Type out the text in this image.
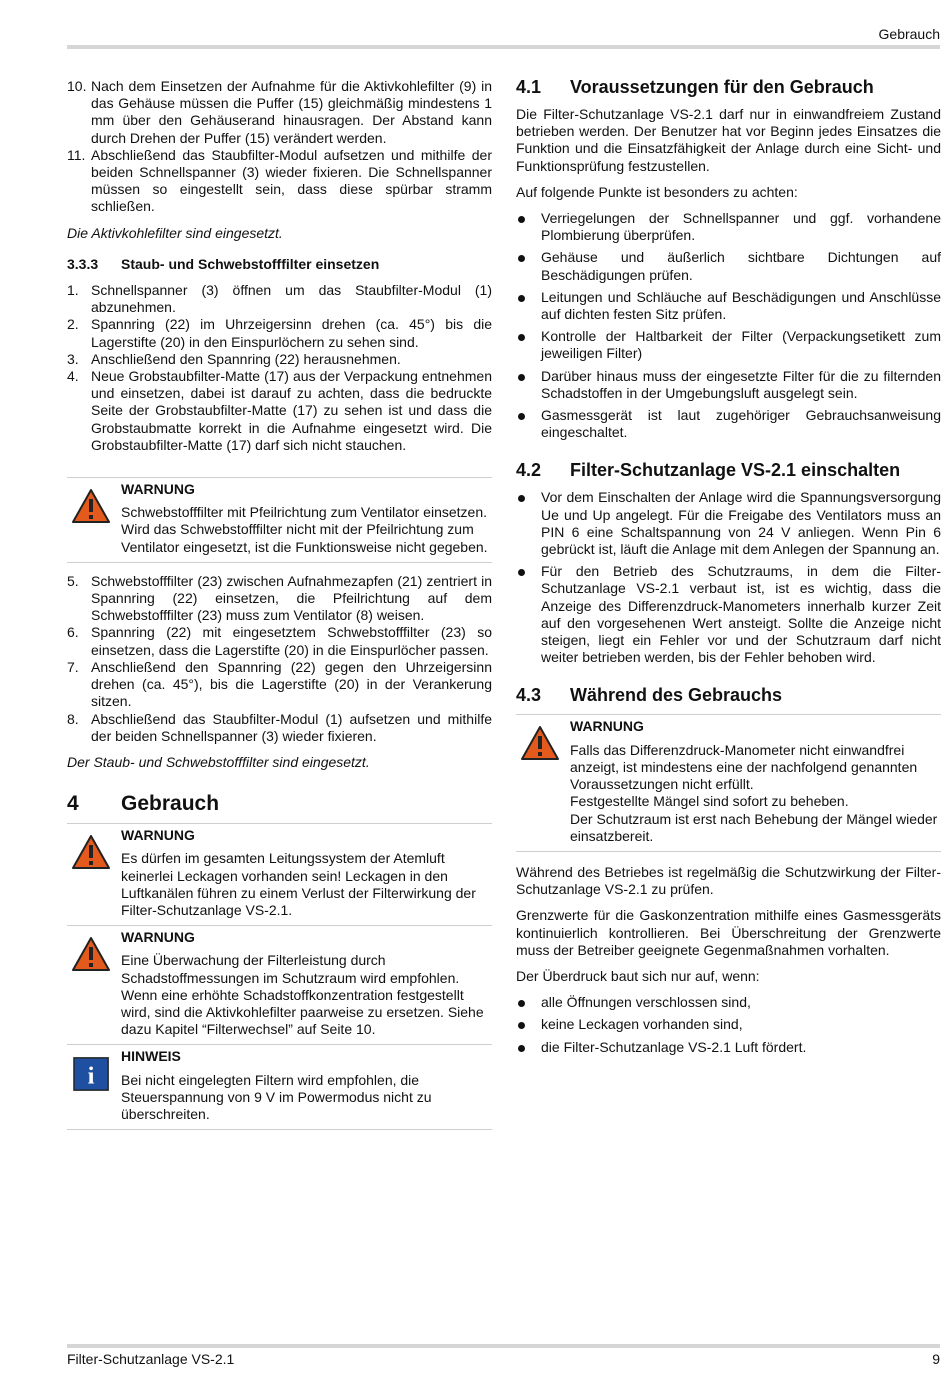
Gebrauch
10. Nach dem Einsetzen der Aufnahme für die Aktivkohlefilter (9) in das Gehäuse müssen die Puffer (15) gleichmäßig mindestens 1 mm über den Gehäuserand hinausragen. Der Abstand kann durch Drehen der Puffer (15) verändert werden.
11. Abschließend das Staubfilter-Modul aufsetzen und mithilfe der beiden Schnellspanner (3) wieder fixieren. Die Schnellspanner müssen so eingestellt sein, dass diese spürbar stramm schließen.

Die Aktivkohlefilter sind eingesetzt.

3.3.3 Staub- und Schwebstofffilter einsetzen
1. Schnellspanner (3) öffnen um das Staubfilter-Modul (1) abzunehmen.
2. Spannring (22) im Uhrzeigersinn drehen (ca. 45°) bis die Lagerstifte (20) in den Einspurlöchern zu sehen sind.
3. Anschließend den Spannring (22) herausnehmen.
4. Neue Grobstaubfilter-Matte (17) aus der Verpackung entnehmen und einsetzen, dabei ist darauf zu achten, dass die bedruckte Seite der Grobstaubfilter-Matte (17) zu sehen ist und dass die Grobstaubmatte korrekt in die Aufnahme eingesetzt wird. Die Grobstaubfilter-Matte (17) darf sich nicht stauchen.
WARNUNG
Schwebstofffilter mit Pfeilrichtung zum Ventilator einsetzen.
Wird das Schwebstofffilter nicht mit der Pfeilrichtung zum Ventilator eingesetzt, ist die Funktionsweise nicht gegeben.
5. Schwebstofffilter (23) zwischen Aufnahmezapfen (21) zentriert in Spannring (22) einsetzen, die Pfeilrichtung auf dem Schwebstofffilter (23) muss zum Ventilator (8) weisen.
6. Spannring (22) mit eingesetztem Schwebstofffilter (23) so einsetzen, dass die Lagerstifte (20) in die Einspurlöcher passen.
7. Anschließend den Spannring (22) gegen den Uhrzeigersinn drehen (ca. 45°), bis die Lagerstifte (20) in der Verankerung sitzen.
8. Abschließend das Staubfilter-Modul (1) aufsetzen und mithilfe der beiden Schnellspanner (3) wieder fixieren.

Der Staub- und Schwebstofffilter sind eingesetzt.

4 Gebrauch
WARNUNG
Es dürfen im gesamten Leitungssystem der Atemluft keinerlei Leckagen vorhanden sein! Leckagen in den Luftkanälen führen zu einem Verlust der Filterwirkung der Filter-Schutzanlage VS-2.1.
WARNUNG
Eine Überwachung der Filterleistung durch Schadstoffmessungen im Schutzraum wird empfohlen. Wenn eine erhöhte Schadstoffkonzentration festgestellt wird, sind die Aktivkohlefilter paarweise zu ersetzen. Siehe dazu Kapitel “Filterwechsel” auf Seite 10.
i
HINWEIS
Bei nicht eingelegten Filtern wird empfohlen, die Steuerspannung von 9 V im Powermodus nicht zu überschreiten.
4.1 Voraussetzungen für den Gebrauch

Die Filter-Schutzanlage VS-2.1 darf nur in einwandfreiem Zustand betrieben werden. Der Benutzer hat vor Beginn jedes Einsatzes die Funktion und die Einsatzfähigkeit der Anlage durch eine Sicht- und Funktionsprüfung festzustellen.

Auf folgende Punkte ist besonders zu achten:

Verriegelungen der Schnellspanner und ggf. vorhandene Plombierung überprüfen.
Gehäuse und äußerlich sichtbare Dichtungen auf Beschädigungen prüfen.
Leitungen und Schläuche auf Beschädigungen und Anschlüsse auf dichten festen Sitz prüfen.
Kontrolle der Haltbarkeit der Filter (Verpackungsetikett zum jeweiligen Filter)
Darüber hinaus muss der eingesetzte Filter für die zu filternden Schadstoffen in der Umgebungsluft ausgelegt sein.
Gasmessgerät ist laut zugehöriger Gebrauchsanweisung eingeschaltet.
4.2 Filter-Schutzanlage VS-2.1 einschalten
Vor dem Einschalten der Anlage wird die Spannungsversorgung Ue und Up angelegt. Für die Freigabe des Ventilators muss an PIN 6 eine Schaltspannung von 24 V anliegen. Wenn Pin 6 gebrückt ist, läuft die Anlage mit dem Anlegen der Spannung an.
Für den Betrieb des Schutzraums, in dem die Filter-Schutzanlage VS-2.1 verbaut ist, ist es wichtig, dass die Anzeige des Differenzdruck-Manometers innerhalb kurzer Zeit auf den vorgesehenen Wert ansteigt. Sollte die Anzeige nicht steigen, liegt ein Fehler vor und der Schutzraum darf nicht weiter betrieben werden, bis der Fehler behoben wird.
4.3 Während des Gebrauchs
WARNUNG
Falls das Differenzdruck-Manometer nicht einwandfrei anzeigt, ist mindestens eine der nachfolgend genannten Voraussetzungen nicht erfüllt.
Festgestellte Mängel sind sofort zu beheben.
Der Schutzraum ist erst nach Behebung der Mängel wieder einsatzbereit.

Während des Betriebes ist regelmäßig die Schutzwirkung der Filter-Schutzanlage VS-2.1 zu prüfen.

Grenzwerte für die Gaskonzentration mithilfe eines Gasmessgeräts kontinuierlich kontrollieren. Bei Überschreitung der Grenzwerte muss der Betreiber geeignete Gegenmaßnahmen vorhalten.

Der Überdruck baut sich nur auf, wenn:

alle Öffnungen verschlossen sind,
keine Leckagen vorhanden sind,
die Filter-Schutzanlage VS-2.1 Luft fördert.
Filter-Schutzanlage VS-2.1	9
